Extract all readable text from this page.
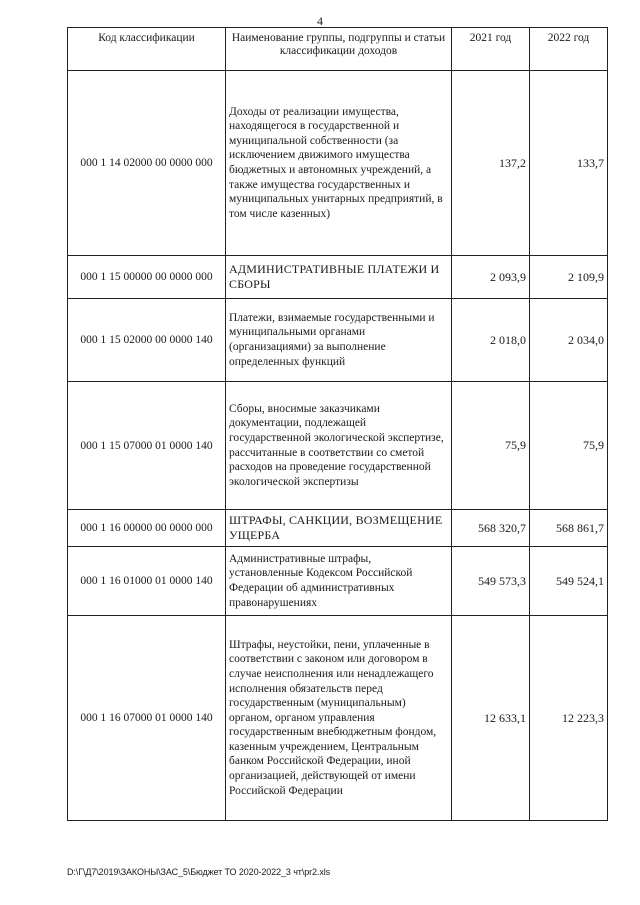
4
Код классификации	Наименование группы, подгруппы и статьи классификации доходов	2021 год	2022 год
000 1 14 02000 00 0000 000	Доходы от реализации имущества, находящегося в государственной и муниципальной собственности (за исключением движимого имущества бюджетных и автономных учреждений, а также имущества государственных и муниципальных унитарных предприятий, в том числе казенных)	137,2	133,7
000 1 15 00000 00 0000 000	АДМИНИСТРАТИВНЫЕ ПЛАТЕЖИ И СБОРЫ	2 093,9	2 109,9
000 1 15 02000 00 0000 140	Платежи, взимаемые государственными и муниципальными органами (организациями) за выполнение определенных функций	2 018,0	2 034,0
000 1 15 07000 01 0000 140	Сборы, вносимые заказчиками документации, подлежащей государственной экологической экспертизе, рассчитанные в соответствии со сметой расходов на проведение государственной экологической экспертизы	75,9	75,9
000 1 16 00000 00 0000 000	ШТРАФЫ, САНКЦИИ, ВОЗМЕЩЕНИЕ УЩЕРБА	568 320,7	568 861,7
000 1 16 01000 01 0000 140	Административные штрафы, установленные Кодексом Российской Федерации об административных правонарушениях	549 573,3	549 524,1
000 1 16 07000 01 0000 140	Штрафы, неустойки, пени, уплаченные в соответствии с законом или договором в случае неисполнения или ненадлежащего исполнения обязательств перед государственным (муниципальным) органом, органом управления государственным внебюджетным фондом, казенным учреждением, Центральным банком Российской Федерации, иной организацией, действующей от имени Российской Федерации	12 633,1	12 223,3
D:\Г\Д7\2019\ЗАКОНЫ\ЗАС_5\Бюджет ТО 2020-2022_3 чт\pr2.xls
